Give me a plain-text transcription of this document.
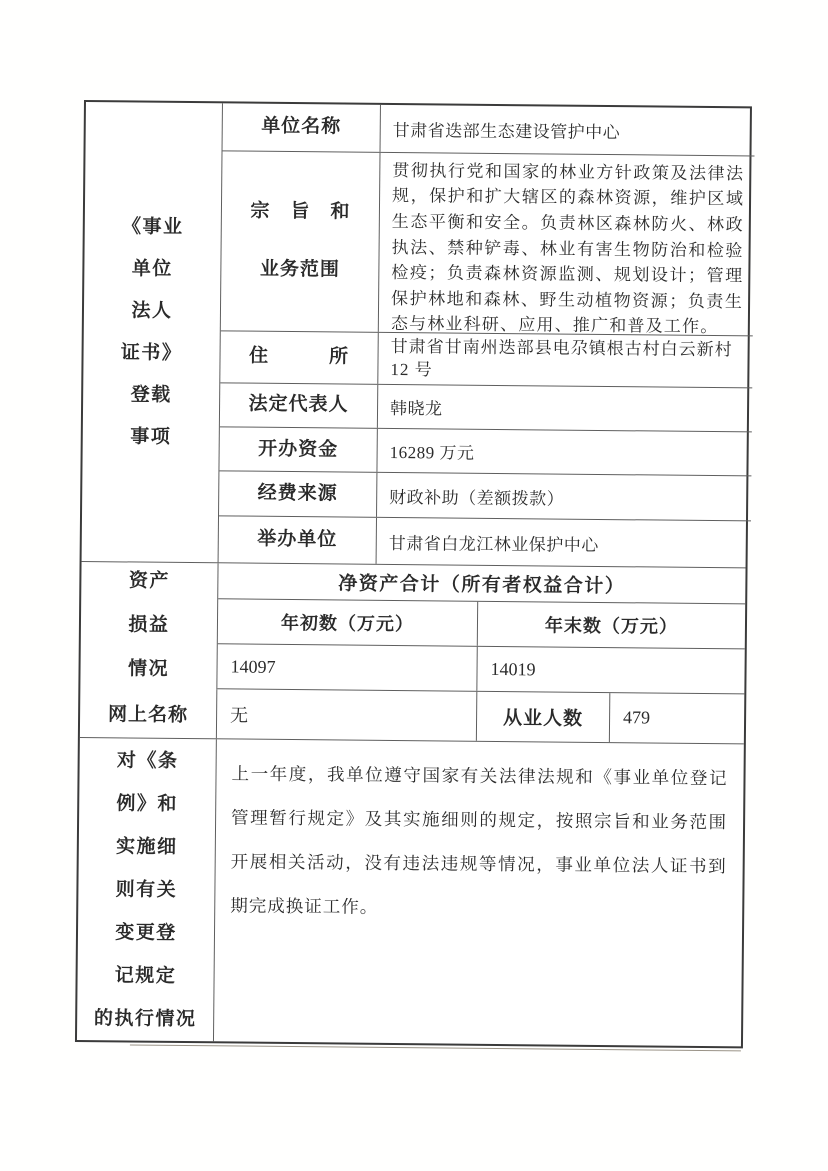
《事业
单位
法人
证书》
登载
事项
单位名称	甘肃省迭部生态建设管护中心
宗　旨　和
业务范围
贯彻执行党和国家的林业方针政策及法律法规，保护和扩大辖区的森林资源，维护区域生态平衡和安全。负责林区森林防火、林政执法、禁种铲毒、林业有害生物防治和检验检疫；负责森林资源监测、规划设计；管理保护林地和森林、野生动植物资源；负责生态与林业科研、应用、推广和普及工作。
住　　　所 甘肃省甘南州迭部县电尕镇根古村白云新村 12 号
法定代表人	韩晓龙
开办资金	16289 万元
经费来源	财政补助（差额拨款）
举办单位	甘肃省白龙江林业保护中心
资产
损益
情况
净资产合计（所有者权益合计）
年初数（万元）	年末数（万元）
14097	14019
网上名称	无	从业人数	479
对《条
例》和
实施细
则有关
变更登
记规定
的执行情况
上一年度，我单位遵守国家有关法律法规和《事业单位登记管理暂行规定》及其实施细则的规定，按照宗旨和业务范围开展相关活动，没有违法违规等情况，事业单位法人证书到期完成换证工作。
